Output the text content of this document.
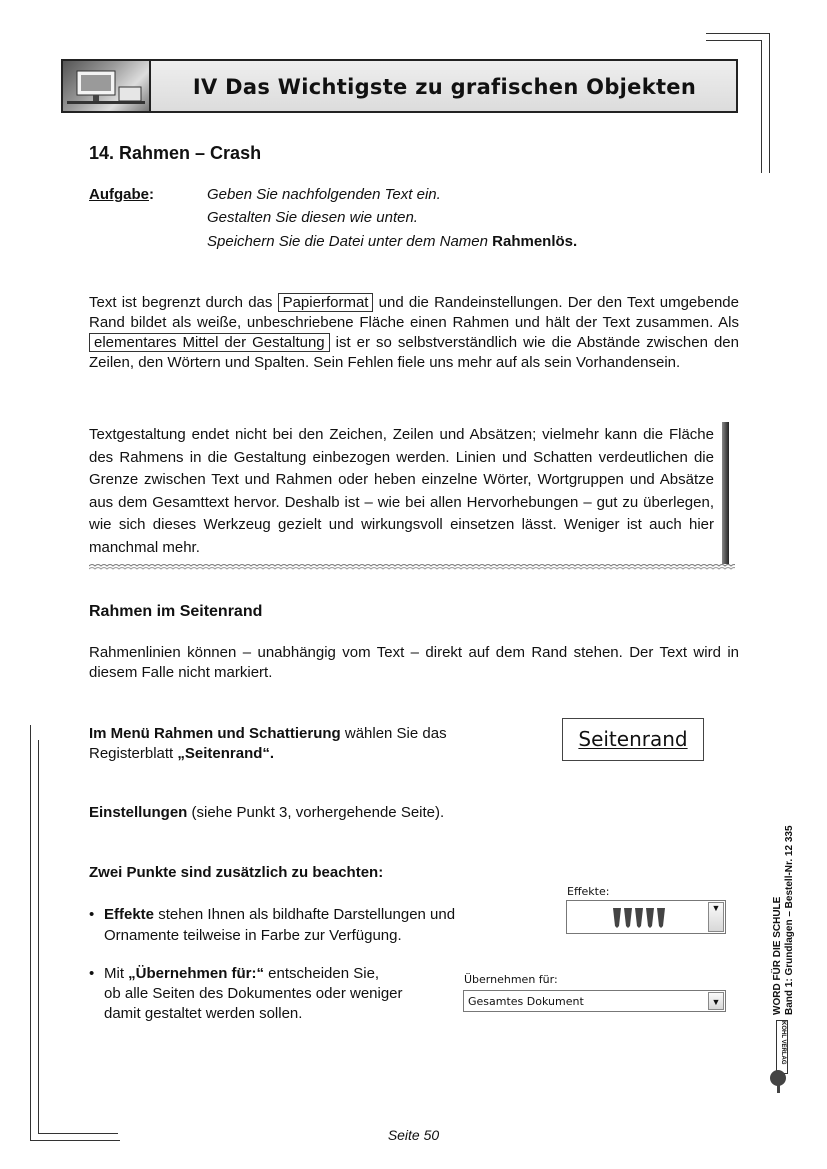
IV Das Wichtigste zu grafischen Objekten
14. Rahmen – Crash
Aufgabe:	Geben Sie nachfolgenden Text ein.
Gestalten Sie diesen wie unten.
Speichern Sie die Datei unter dem Namen Rahmenlös.
Text ist begrenzt durch das Papierformat und die Randeinstellungen. Der den Text umgebende Rand bildet als weiße, unbeschriebene Fläche einen Rahmen und hält der Text zusammen. Als elementares Mittel der Gestaltung ist er so selbstverständlich wie die Abstände zwischen den Zeilen, den Wörtern und Spalten. Sein Fehlen fiele uns mehr auf als sein Vorhandensein.
Textgestaltung endet nicht bei den Zeichen, Zeilen und Absätzen; vielmehr kann die Fläche des Rahmens in die Gestaltung einbezogen werden. Linien und Schatten verdeutlichen die Grenze zwischen Text und Rahmen oder heben einzelne Wörter, Wortgruppen und Absätze aus dem Gesamttext hervor. Deshalb ist – wie bei allen Hervorhebungen – gut zu überlegen, wie sich dieses Werkzeug gezielt und wirkungsvoll einsetzen lässt. Weniger ist auch hier manchmal mehr.
Rahmen im Seitenrand
Rahmenlinien können – unabhängig vom Text – direkt auf dem Rand stehen. Der Text wird in diesem Falle nicht markiert.
Im Menü Rahmen und Schattierung wählen Sie das
Registerblatt „Seitenrand“.
Seitenrand
Einstellungen (siehe Punkt 3, vorhergehende Seite).
Zwei Punkte sind zusätzlich zu beachten:
• Effekte stehen Ihnen als bildhafte Darstellungen und
Ornamente teilweise in Farbe zur Verfügung.
Effekte:
▼
• Mit „Übernehmen für:“ entscheiden Sie,
ob alle Seiten des Dokumentes oder weniger
damit gestaltet werden sollen.
Übernehmen für:
Gesamtes Dokument	▼	WORD FÜR DIE SCHULE Band 1: Grundlagen – Bestell-Nr. 12 335
KOHL VERLAG
Seite 50
